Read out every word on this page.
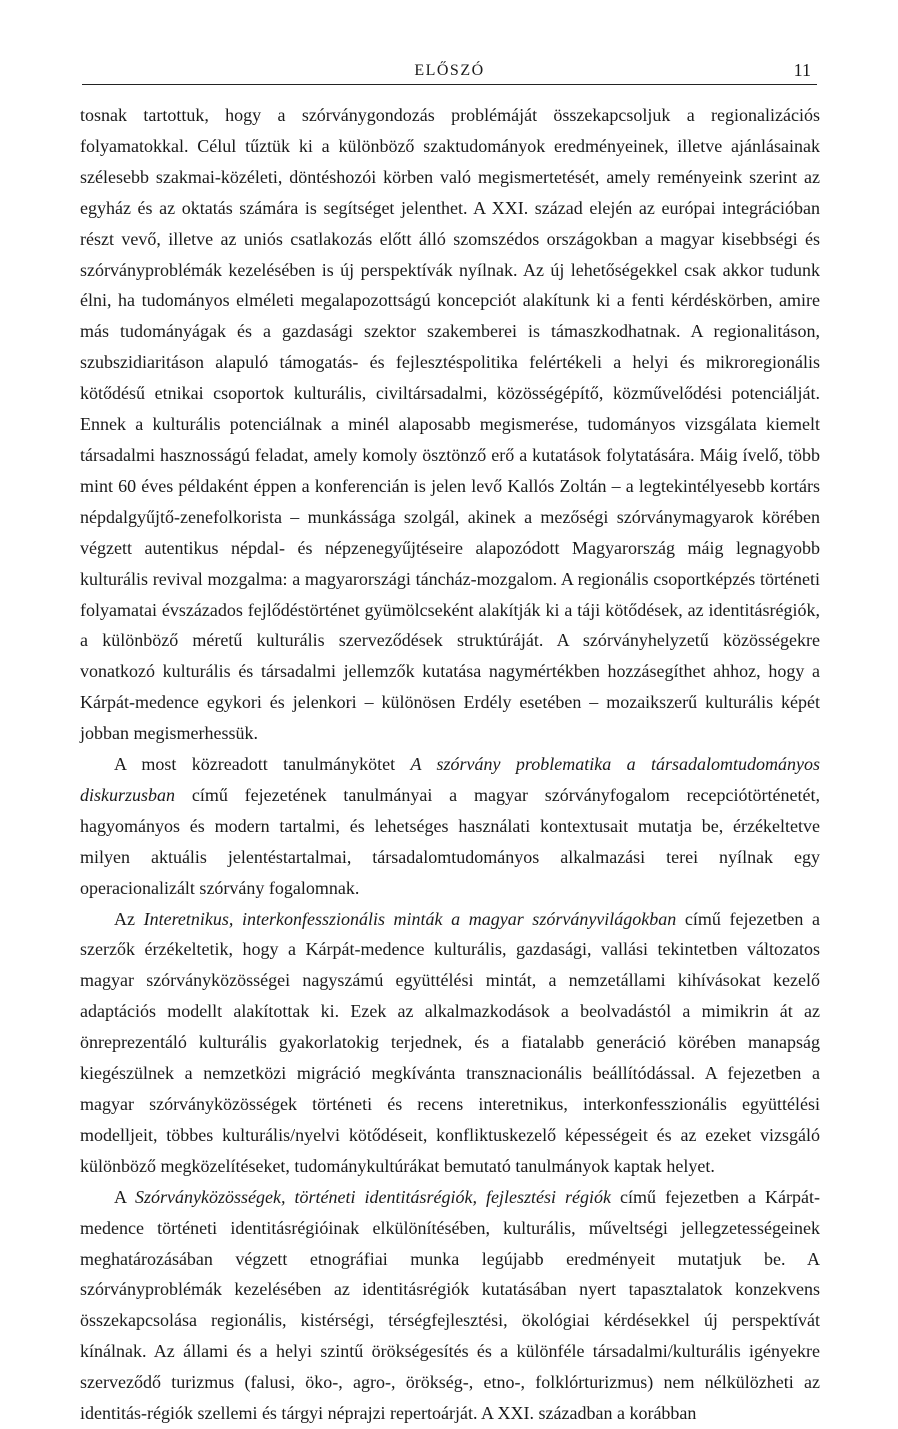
ELŐSZÓ	11

tosnak tartottuk, hogy a szórványgondozás problémáját összekapcsoljuk a regionalizációs folyamatokkal. Célul tűztük ki a különböző szaktudományok eredményeinek, illetve ajánlásainak szélesebb szakmai-közéleti, döntéshozói körben való megismertetését, amely reményeink szerint az egyház és az oktatás számára is segítséget jelenthet. A XXI. század elején az európai integrációban részt vevő, illetve az uniós csatlakozás előtt álló szomszédos országokban a magyar kisebbségi és szórványproblémák kezelésében is új perspektívák nyílnak. Az új lehetőségekkel csak akkor tudunk élni, ha tudományos elméleti megalapozottságú koncepciót alakítunk ki a fenti kérdéskörben, amire más tudományágak és a gazdasági szektor szakemberei is támaszkodhatnak. A regionalitáson, szubszidiaritáson alapuló támogatás- és fejlesztéspolitika felértékeli a helyi és mikroregionális kötődésű etnikai csoportok kulturális, civiltársadalmi, közösségépítő, közművelődési potenciálját. Ennek a kulturális potenciálnak a minél alaposabb megismerése, tudományos vizsgálata kiemelt társadalmi hasznosságú feladat, amely komoly ösztönző erő a kutatások folytatására. Máig ívelő, több mint 60 éves példaként éppen a konferencián is jelen levő Kallós Zoltán – a legtekintélyesebb kortárs népdalgyűjtő-zenefolkorista – munkássága szolgál, akinek a mezőségi szórványmagyarok körében végzett autentikus népdal- és népzenegyűjtéseire alapozódott Magyarország máig legnagyobb kulturális revival mozgalma: a magyarországi táncház-mozgalom. A regionális csoportképzés történeti folyamatai évszázados fejlődéstörténet gyümölcseként alakítják ki a táji kötődések, az identitásrégiók, a különböző méretű kulturális szerveződések struktúráját. A szórványhelyzetű közösségekre vonatkozó kulturális és társadalmi jellemzők kutatása nagymértékben hozzásegíthet ahhoz, hogy a Kárpát-medence egykori és jelenkori – különösen Erdély esetében – mozaikszerű kulturális képét jobban megismerhessük.

A most közreadott tanulmánykötet A szórvány problematika a társadalomtudományos diskurzusban című fejezetének tanulmányai a magyar szórványfogalom recepciótörténetét, hagyományos és modern tartalmi, és lehetséges használati kontextusait mutatja be, érzékeltetve milyen aktuális jelentéstartalmai, társadalomtudományos alkalmazási terei nyílnak egy operacionalizált szórvány fogalomnak.

Az Interetnikus, interkonfesszionális minták a magyar szórványvilágokban című fejezetben a szerzők érzékeltetik, hogy a Kárpát-medence kulturális, gazdasági, vallási tekintetben változatos magyar szórványközösségei nagyszámú együttélési mintát, a nemzetállami kihívásokat kezelő adaptációs modellt alakítottak ki. Ezek az alkalmazkodások a beolvadástól a mimikrin át az önreprezentáló kulturális gyakorlatokig terjednek, és a fiatalabb generáció körében manapság kiegészülnek a nemzetközi migráció megkívánta transznacionális beállítódással. A fejezetben a magyar szórványközösségek történeti és recens interetnikus, interkonfesszionális együttélési modelljeit, többes kulturális/nyelvi kötődéseit, konfliktuskezelő képességeit és az ezeket vizsgáló különböző megközelítéseket, tudománykultúrákat bemutató tanulmányok kaptak helyet.

A Szórványközösségek, történeti identitásrégiók, fejlesztési régiók című fejezetben a Kárpát-medence történeti identitásrégióinak elkülönítésében, kulturális, műveltségi jellegzetességeinek meghatározásában végzett etnográfiai munka legújabb eredményeit mutatjuk be. A szórványproblémák kezelésében az identitásrégiók kutatásában nyert tapasztalatok konzekvens összekapcsolása regionális, kistérségi, térségfejlesztési, ökológiai kérdésekkel új perspektívát kínálnak. Az állami és a helyi szintű örökségesítés és a különféle társadalmi/kulturális igényekre szerveződő turizmus (falusi, öko-, agro-, örökség-, etno-, folklórturizmus) nem nélkülözheti az identitás-régiók szellemi és tárgyi néprajzi repertoárját. A XXI. században a korábban
